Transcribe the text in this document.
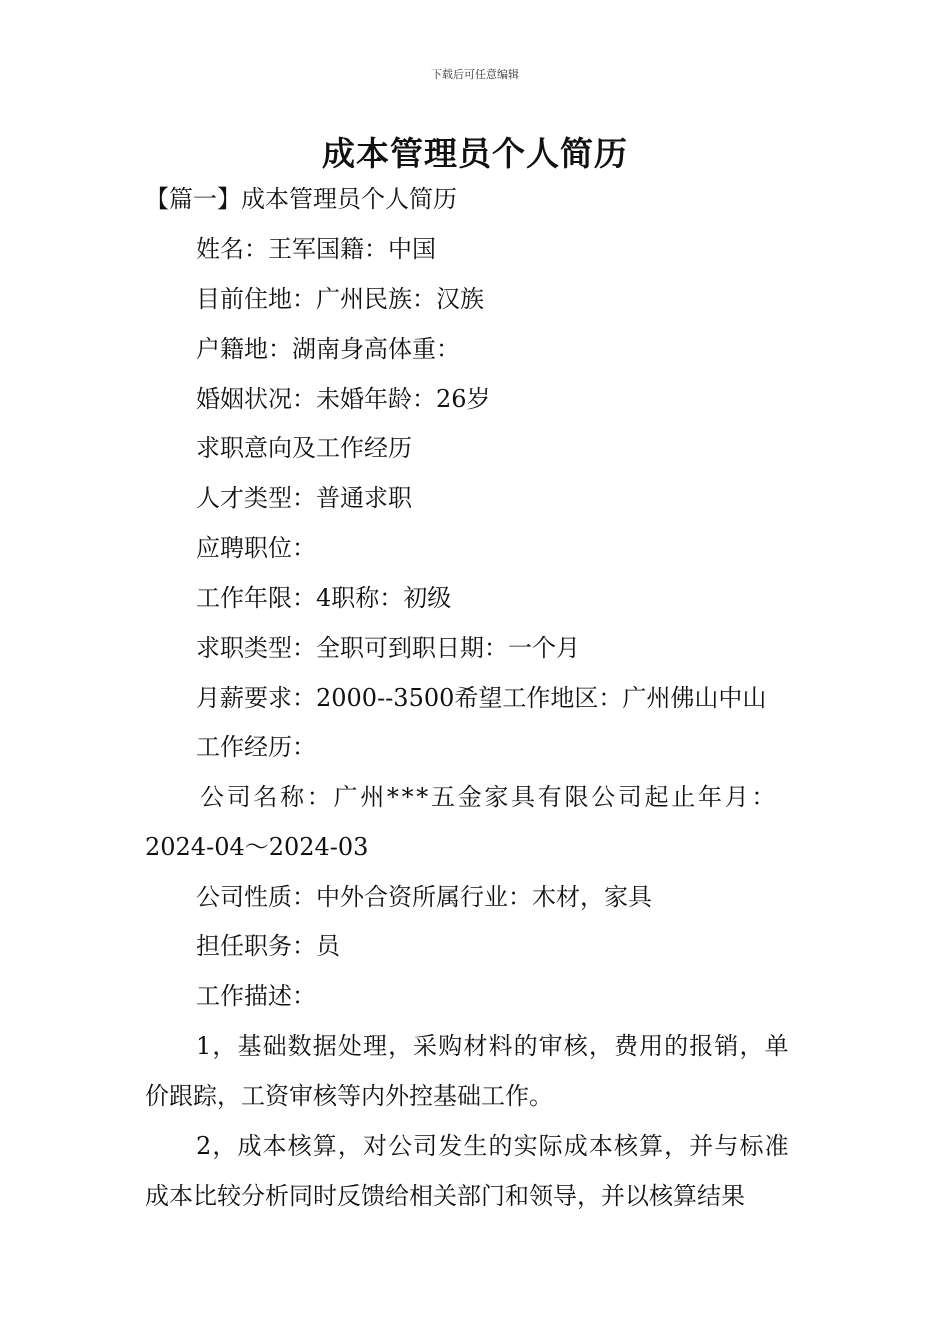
下载后可任意编辑
成本管理员个人简历
【篇一】成本管理员个人简历
姓名：王军国籍：中国
目前住地：广州民族：汉族
户籍地：湖南身高体重：
婚姻状况：未婚年龄：26岁
求职意向及工作经历
人才类型：普通求职
应聘职位：
工作年限：4职称：初级
求职类型：全职可到职日期：一个月
月薪要求：2000--3500希望工作地区：广州佛山中山
工作经历：
公司名称：广州***五金家具有限公司起止年月：
2024-04～2024-03
公司性质：中外合资所属行业：木材，家具
担任职务：员
工作描述：
1，基础数据处理，采购材料的审核，费用的报销，单
价跟踪，工资审核等内外控基础工作。
2，成本核算，对公司发生的实际成本核算，并与标准
成本比较分析同时反馈给相关部门和领导，并以核算结果
